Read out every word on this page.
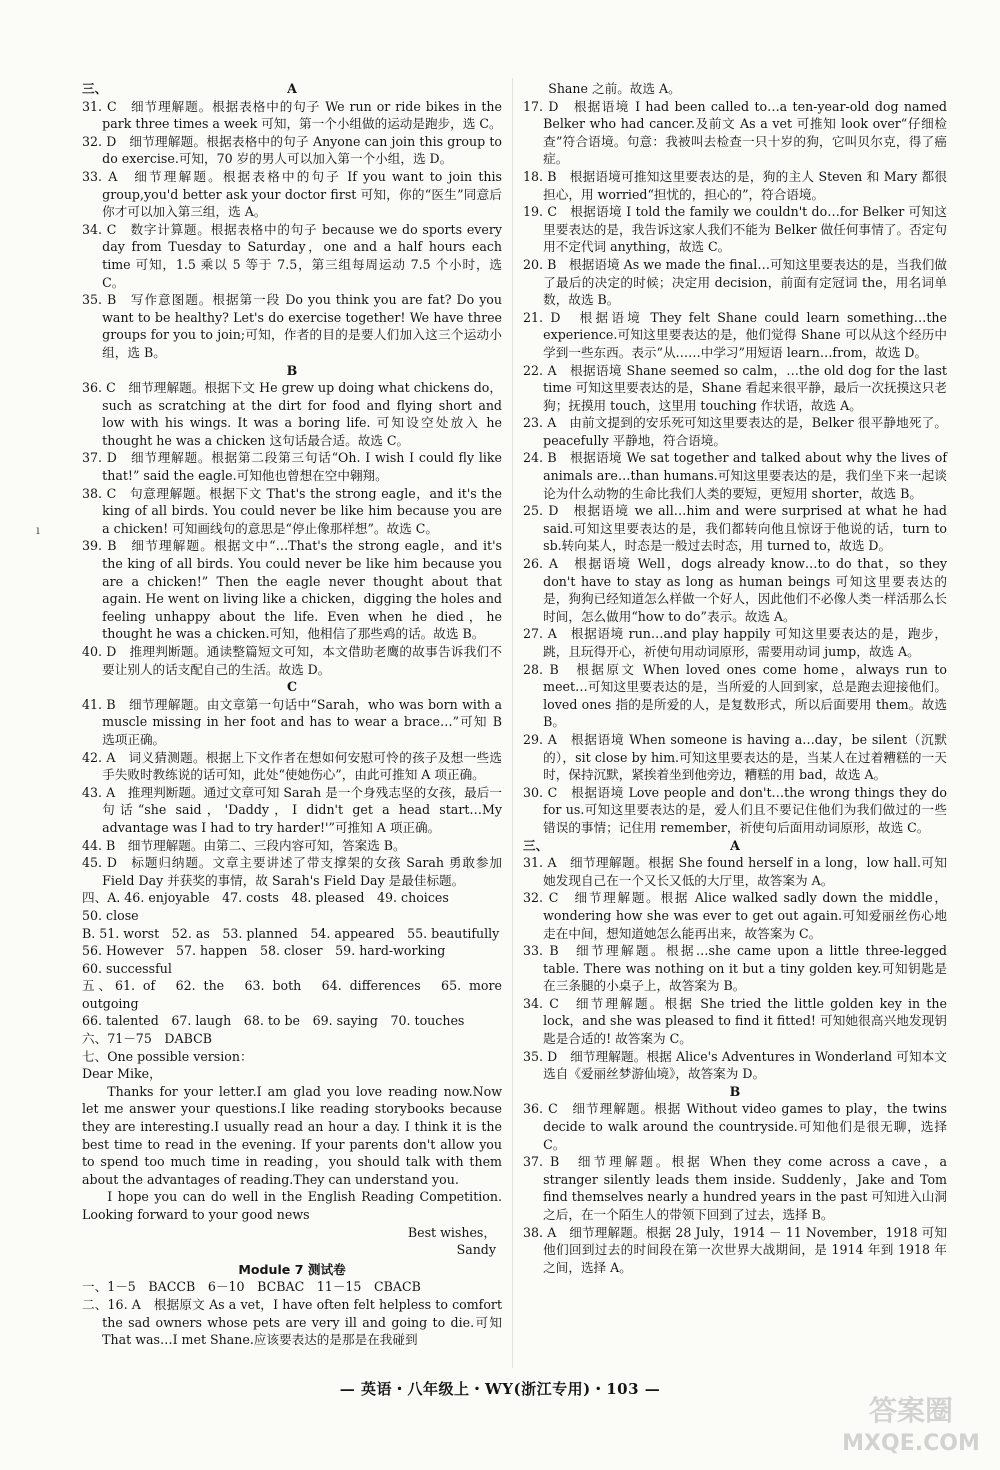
ı
三、	A

31. C　细节理解题。根据表格中的句子 We run or ride bikes in the park three times a week 可知，第一个小组做的运动是跑步，选 C。

32. D　细节理解题。根据表格中的句子 Anyone can join this group to do exercise.可知，70 岁的男人可以加入第一个小组，选 D。

33. A　细节理解题。根据表格中的句子 If you want to join this group,you'd better ask your doctor first 可知，你的“医生”同意后你才可以加入第三组，选 A。

34. C　数字计算题。根据表格中的句子 because we do sports every day from Tuesday to Saturday，one and a half hours each time 可知，1.5 乘以 5 等于 7.5，第三组每周运动 7.5 个小时，选 C。

35. B　写作意图题。根据第一段 Do you think you are fat? Do you want to be healthy? Let's do exercise together! We have three groups for you to join;可知，作者的目的是要人们加入这三个运动小组，选 B。

B

36. C　细节理解题。根据下文 He grew up doing what chickens do，such as scratching at the dirt for food and flying short and low with his wings. It was a boring life. 可知设空处放入 he thought he was a chicken 这句话最合适。故选 C。

37. D　细节理解题。根据第二段第三句话“Oh. I wish I could fly like that!” said the eagle.可知他也曾想在空中翱翔。

38. C　句意理解题。根据下文 That's the strong eagle，and it's the king of all birds. You could never be like him because you are a chicken! 可知画线句的意思是“停止像那样想”。故选 C。

39. B　细节理解题。根据文中“…That's the strong eagle，and it's the king of all birds. You could never be like him because you are a chicken!” Then the eagle never thought about that again. He went on living like a chicken，digging the holes and feeling unhappy about the life. Even when he died，he thought he was a chicken.可知，他相信了那些鸡的话。故选 B。

40. D　推理判断题。通读整篇短文可知，本文借助老鹰的故事告诉我们不要让别人的话支配自己的生活。故选 D。

C

41. B　细节理解题。由文章第一句话中“Sarah，who was born with a muscle missing in her foot and has to wear a brace…”可知 B 选项正确。

42. A　词义猜测题。根据上下文作者在想如何安慰可怜的孩子及想一些选手失败时教练说的话可知，此处“使她伤心”，由此可推知 A 项正确。

43. A　推理判断题。通过文章可知 Sarah 是一个身残志坚的女孩，最后一句话“she said，'Daddy，I didn't get a head start…My advantage was I had to try harder!'”可推知 A 项正确。

44. B　细节理解题。由第二、三段内容可知，答案选 B。

45. D　标题归纳题。文章主要讲述了带支撑架的女孩 Sarah 勇敢参加 Field Day 并获奖的事情，故 Sarah's Field Day 是最佳标题。

四、A. 46. enjoyable　47. costs　48. pleased　49. choices

50. close

B. 51. worst　52. as　53. planned　54. appeared　55. beautifully

56. However　57. happen　58. closer　59. hard-working

60. successful

五、61. of　62. the　63. both　64. differences　65. more outgoing

66. talented　67. laugh　68. to be　69. saying　70. touches

六、71－75　DABCB

七、One possible version：

Dear Mike，

Thanks for your letter.I am glad you love reading now.Now let me answer your questions.I like reading storybooks because they are interesting.I usually read an hour a day. I think it is the best time to read in the evening. If your parents don't allow you to spend too much time in reading，you should talk with them about the advantages of reading.They can understand you.

I hope you can do well in the English Reading Competition. Looking forward to your good news

Best wishes，

Sandy

Module 7 测试卷

一、1－5　BACCB　6－10　BCBAC　11－15　CBACB

二、16. A　根据原文 As a vet，I have often felt helpless to comfort the sad owners whose pets are very ill and going to die.可知 That was…I met Shane.应该要表达的是那是在我碰到

Shane 之前。故选 A。

17. D　根据语境 I had been called to…a ten-year-old dog named Belker who had cancer.及前文 As a vet 可推知 look over“仔细检查”符合语境。句意：我被叫去检查一只十岁的狗，它叫贝尔克，得了癌症。

18. B　根据语境可推知这里要表达的是，狗的主人 Steven 和 Mary 都很担心，用 worried“担忧的，担心的”，符合语境。

19. C　根据语境 I told the family we couldn't do…for Belker 可知这里要表达的是，我告诉这家人我们不能为 Belker 做任何事情了。否定句用不定代词 anything，故选 C。

20. B　根据语境 As we made the final…可知这里要表达的是，当我们做了最后的决定的时候；决定用 decision，前面有定冠词 the，用名词单数，故选 B。

21. D　根据语境 They felt Shane could learn something…the experience.可知这里要表达的是，他们觉得 Shane 可以从这个经历中学到一些东西。表示“从……中学习”用短语 learn…from，故选 D。

22. A　根据语境 Shane seemed so calm，…the old dog for the last time 可知这里要表达的是，Shane 看起来很平静，最后一次抚摸这只老狗；抚摸用 touch，这里用 touching 作状语，故选 A。

23. A　由前文提到的安乐死可知这里要表达的是，Belker 很平静地死了。peacefully 平静地，符合语境。

24. B　根据语境 We sat together and talked about why the lives of animals are…than humans.可知这里要表达的是，我们坐下来一起谈论为什么动物的生命比我们人类的要短，更短用 shorter，故选 B。

25. D　根据语境 we all…him and were surprised at what he had said.可知这里要表达的是，我们都转向他且惊讶于他说的话，turn to sb.转向某人，时态是一般过去时态，用 turned to，故选 D。

26. A　根据语境 Well，dogs already know…to do that，so they don't have to stay as long as human beings 可知这里要表达的是，狗狗已经知道怎么样做一个好人，因此他们不必像人类一样活那么长时间，怎么做用“how to do”表示。故选 A。

27. A　根据语境 run…and play happily 可知这里要表达的是，跑步，跳，且玩得开心，祈使句用动词原形，需要用动词 jump，故选 A。

28. B　根据原文 When loved ones come home，always run to meet…可知这里要表达的是，当所爱的人回到家，总是跑去迎接他们。loved ones 指的是所爱的人，是复数形式，所以后面要用 them。故选 B。

29. A　根据语境 When someone is having a…day，be silent（沉默的），sit close by him.可知这里要表达的是，当某人在过着糟糕的一天时，保持沉默，紧挨着坐到他旁边，糟糕的用 bad，故选 A。

30. C　根据语境 Love people and don't…the wrong things they do for us.可知这里要表达的是，爱人们且不要记住他们为我们做过的一些错误的事情；记住用 remember，祈使句后面用动词原形，故选 C。

三、	A

31. A　细节理解题。根据 She found herself in a long，low hall.可知她发现自己在一个又长又低的大厅里，故答案为 A。

32. C　细节理解题。根据 Alice walked sadly down the middle，wondering how she was ever to get out again.可知爱丽丝伤心地走在中间，想知道她怎么能再出来，故答案为 C。

33. B　细节理解题。根据…she came upon a little three-legged table. There was nothing on it but a tiny golden key.可知钥匙是在三条腿的小桌子上，故答案为 B。

34. C　细节理解题。根据 She tried the little golden key in the lock，and she was pleased to find it fitted! 可知她很高兴地发现钥匙是合适的! 故答案为 C。

35. D　细节理解题。根据 Alice's Adventures in Wonderland 可知本文选自《爱丽丝梦游仙境》，故答案为 D。

B

36. C　细节理解题。根据 Without video games to play，the twins decide to walk around the countryside.可知他们是很无聊，选择 C。

37. B　细节理解题。根据 When they come across a cave，a stranger silently leads them inside. Suddenly，Jake and Tom find themselves nearly a hundred years in the past 可知进入山洞之后，在一个陌生人的带领下回到了过去，选择 B。

38. A　细节理解题。根据 28 July，1914 － 11 November，1918 可知他们回到过去的时间段在第一次世界大战期间，是 1914 年到 1918 年之间，选择 A。

— 英语・八年级上・WY(浙江专用)・103 —
答案圈
MXQE.COM
